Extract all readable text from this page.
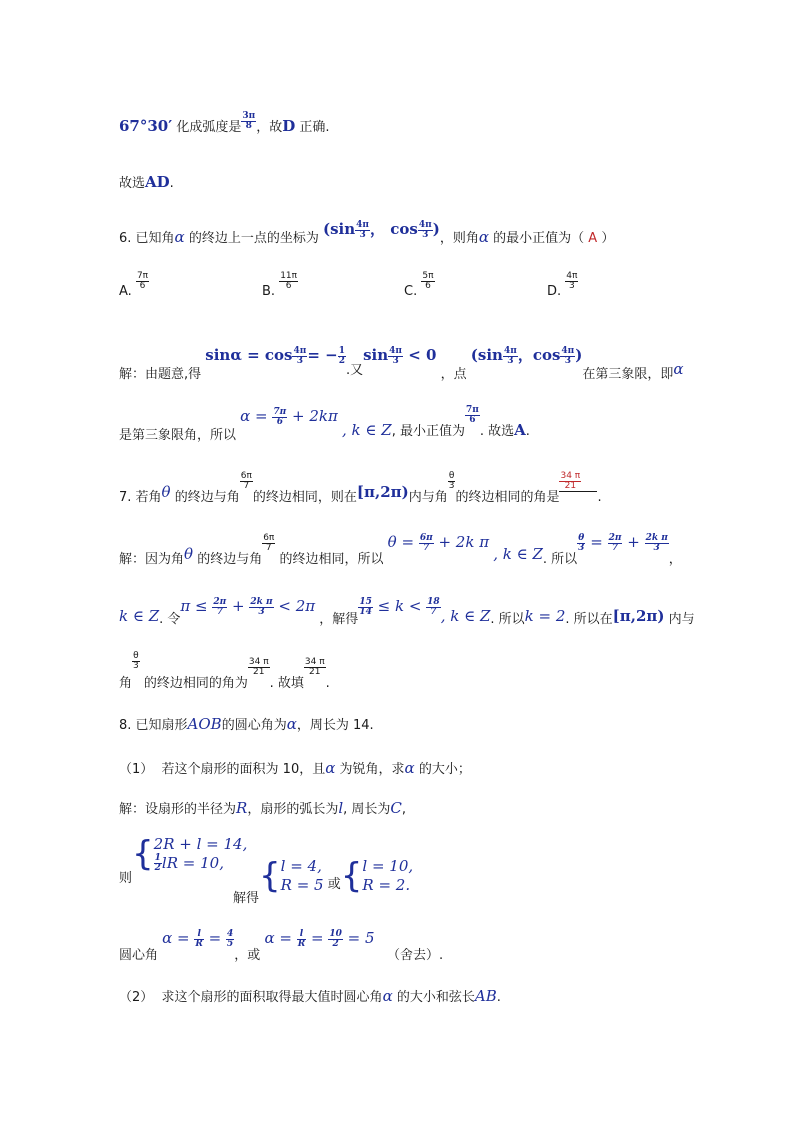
67°30′ 化成弧度是 $\frac{3\pi}{8}$ ，故D 正确.
故选AD.
6. 已知角α 的终边上一点的坐标为 ($\sin \frac{4\pi}{3}$ ， $\cos \frac{4\pi}{3}$ )，则角α 的最小正值为（ A ）
A.
$\frac{7\pi}{6}$
B.
$\frac{11\pi}{6}$
C.
$\frac{5\pi}{6}$
D.
$\frac{4\pi}{3}$
解：由题意,得 $\sin\alpha = \cos \frac{4\pi}{3}$ = − $\frac{1}{2}$
.又$\sin \frac{4\pi}{3} < 0$ ，点 ($\sin \frac{4\pi}{3}$ ，$\cos \frac{4\pi}{3}$ )在第三象限，即α
是第三象限角，所以 $\alpha = \frac{7\pi}{6} + 2k\pi$ , k ∈ Z, 最小正值为
$\frac{7\pi}{6}$
. 故选A.
7. 若角θ 的终边与角
$\frac{6\pi}{7}$
的终边相同，则在[π,2π)内与角
$\frac{\theta}{3}$
的终边相同的角是
$\frac{34 \pi}{21}$
.
解：因为角θ 的终边与角
$\frac{6\pi}{7}$
的终边相同，所以 $\theta = \frac{6\pi}{7} + 2k$ π , k ∈ Z. 所以
$\frac{\theta}{3} = \frac{2\pi}{7} + \frac{\text{2k π}}{3}$
，
k ∈ Z. 令$\pi \le \frac{2\pi}{7} + \frac{\text{2k π}}{3} < 2\pi$ ，解得
$\frac{15}{14} \le k < \frac{18}{7}$ , k ∈ Z. 所以k = 2. 所以在[π,2π) 内与
角
$\frac{\theta}{3}$
的终边相同的角为
$\frac{34 \pi}{21}$
. 故填
$\frac{34 \pi}{21}$
.
8. 已知扇形AOB的圆心角为α，周长为 14.
（1） 若这个扇形的面积为 10，且α 为锐角，求α 的大小；
解：设扇形的半径为R，扇形的弧长为l, 周长为C,
则{ 2R + l = 14,
$\frac{1}{2}$ lR = 10,
解得{ l = 4,
R = 5 或{ l = 10,
R = 2.
圆心角 $\alpha = \frac{l}{R} = \frac{4}{5}$
，或 $\alpha = \frac{l}{R} = \frac{10}{2} = 5$   （舍去）.
（2） 求这个扇形的面积取得最大值时圆心角α 的大小和弦长AB.
